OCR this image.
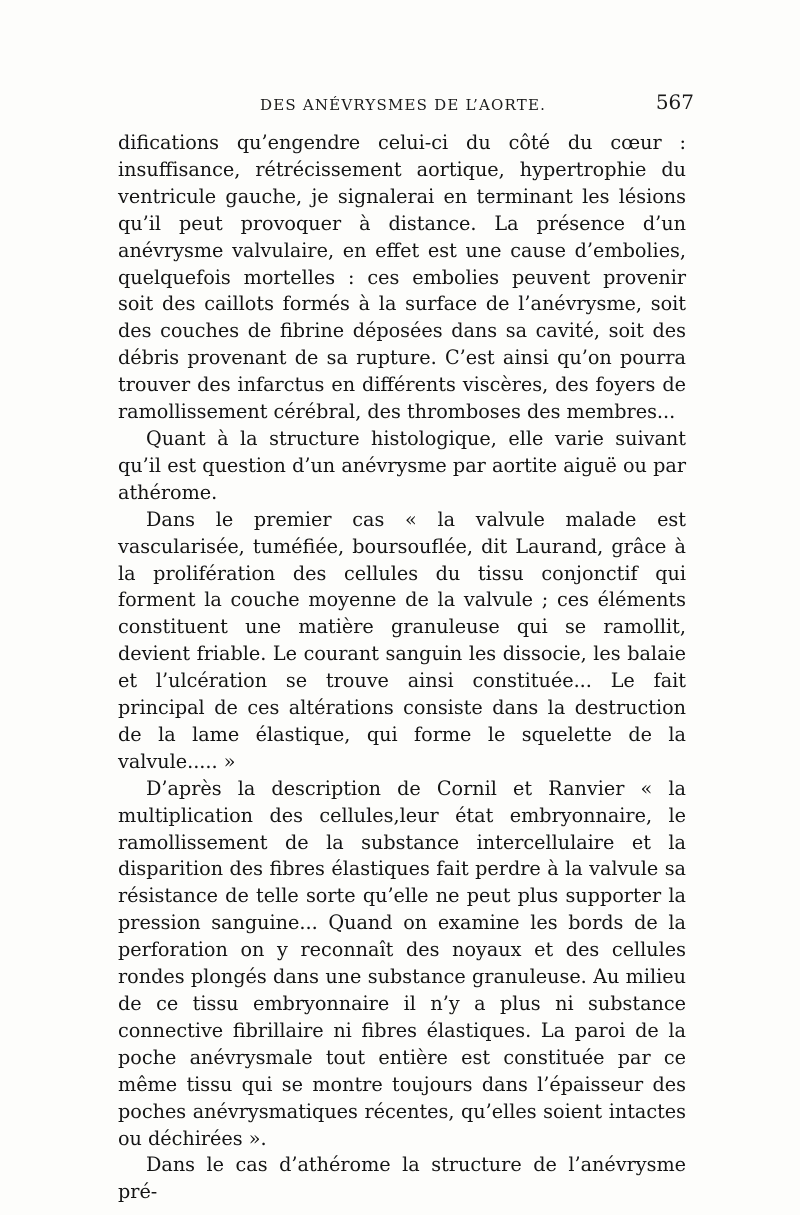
DES ANÉVRYSMES DE L’AORTE.	567

difications qu’engendre celui-ci du côté du cœur : insuffisance, rétrécissement aortique, hypertrophie du ventricule gauche, je signalerai en terminant les lésions qu’il peut provoquer à distance. La présence d’un anévrysme valvulaire, en effet est une cause d’embolies, quelquefois mortelles : ces embolies peuvent provenir soit des caillots formés à la surface de l’anévrysme, soit des couches de fibrine déposées dans sa cavité, soit des débris provenant de sa rupture. C’est ainsi qu’on pourra trouver des infarctus en différents viscères, des foyers de ramollissement cérébral, des thromboses des membres...

Quant à la structure histologique, elle varie suivant qu’il est question d’un anévrysme par aortite aiguë ou par athérome.

Dans le premier cas « la valvule malade est vascularisée, tuméfiée, boursouflée, dit Laurand, grâce à la prolifération des cellules du tissu conjonctif qui forment la couche moyenne de la valvule ; ces éléments constituent une matière granuleuse qui se ramollit, devient friable. Le courant sanguin les dissocie, les balaie et l’ulcération se trouve ainsi constituée... Le fait principal de ces altérations consiste dans la destruction de la lame élastique, qui forme le squelette de la valvule..... »

D’après la description de Cornil et Ranvier « la multiplication des cellules,leur état embryonnaire, le ramollissement de la substance intercellulaire et la disparition des fibres élastiques fait perdre à la valvule sa résistance de telle sorte qu’elle ne peut plus supporter la pression sanguine... Quand on examine les bords de la perforation on y reconnaît des noyaux et des cellules rondes plongés dans une substance granuleuse. Au milieu de ce tissu embryonnaire il n’y a plus ni substance connective fibrillaire ni fibres élastiques. La paroi de la poche anévrysmale tout entière est constituée par ce même tissu qui se montre toujours dans l’épaisseur des poches anévrysmatiques récentes, qu’elles soient intactes ou déchirées ».

Dans le cas d’athérome la structure de l’anévrysme pré-
